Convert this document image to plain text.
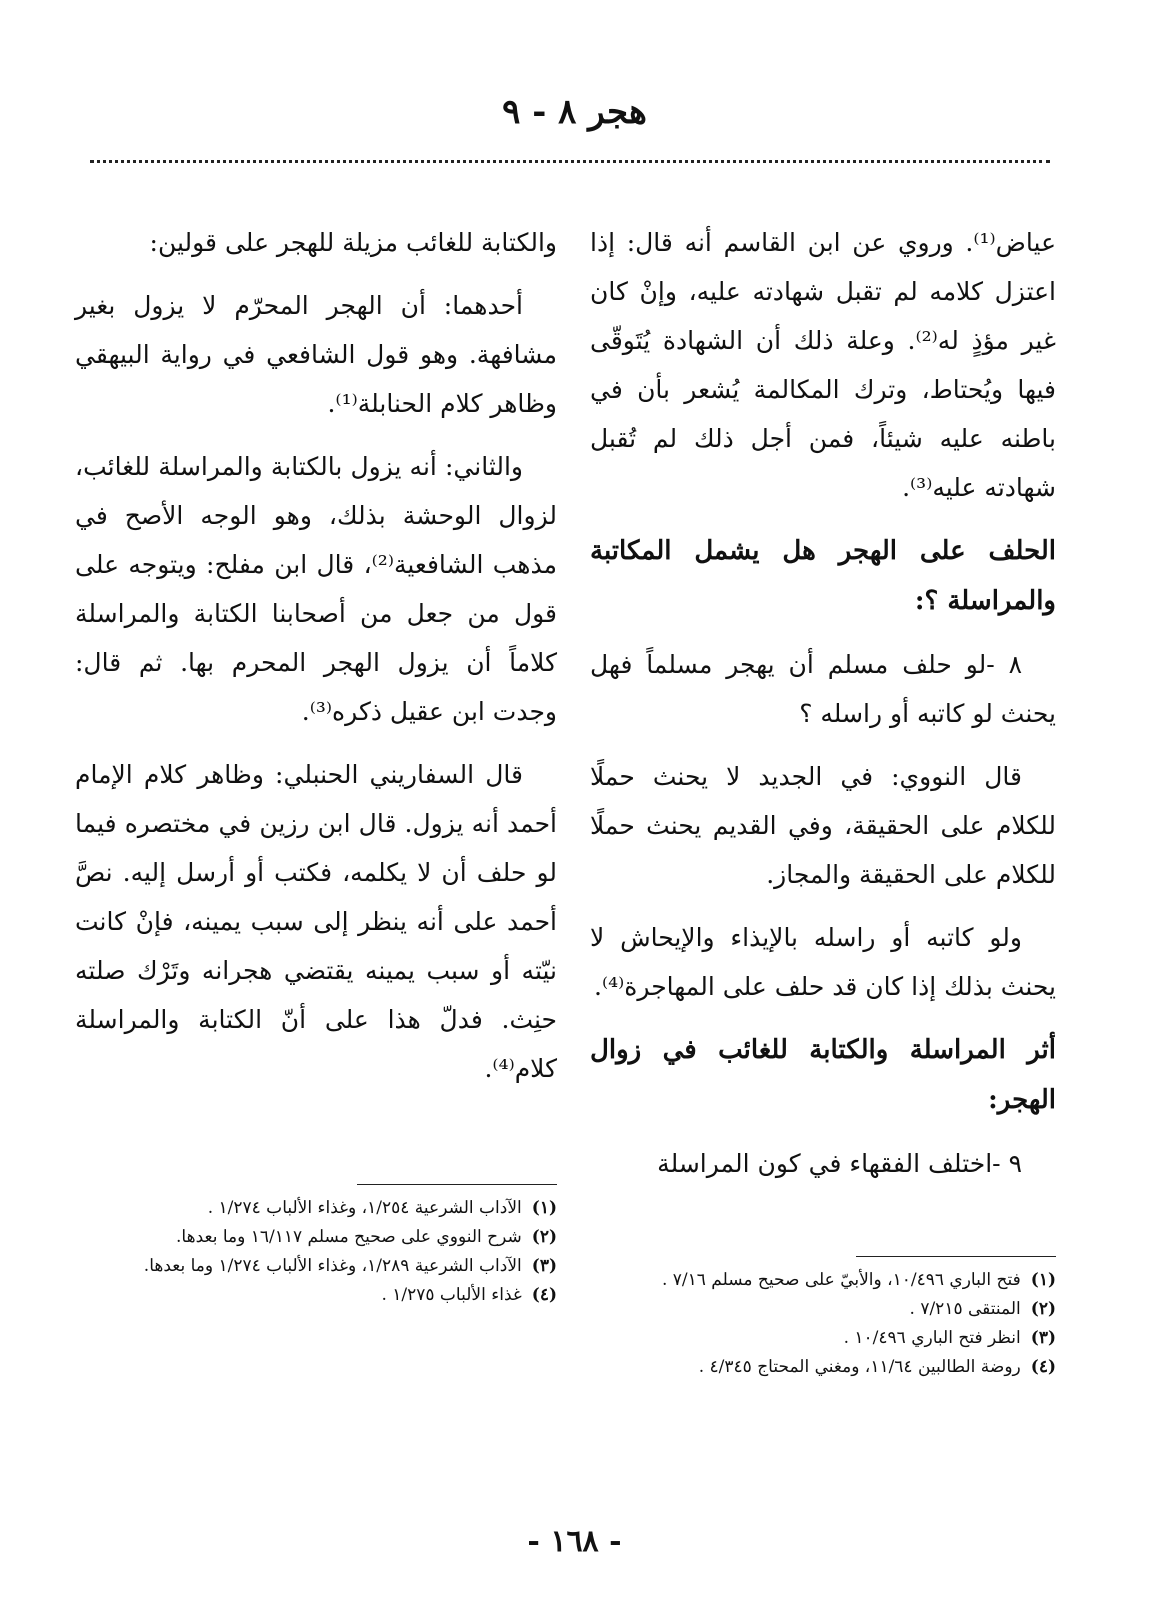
هجر ٨ - ٩

عياض⁽¹⁾. وروي عن ابن القاسم أنه قال: إذا اعتزل كلامه لم تقبل شهادته عليه، وإنْ كان غير مؤذٍ له⁽²⁾. وعلة ذلك أن الشهادة يُتَوقّى فيها ويُحتاط، وترك المكالمة يُشعر بأن في باطنه عليه شيئاً، فمن أجل ذلك لم تُقبل شهادته عليه⁽³⁾.

الحلف على الهجر هل يشمل المكاتبة والمراسلة ؟:

٨ -لو حلف مسلم أن يهجر مسلماً فهل يحنث لو كاتبه أو راسله ؟

قال النووي: في الجديد لا يحنث حملًا للكلام على الحقيقة، وفي القديم يحنث حملًا للكلام على الحقيقة والمجاز.

ولو كاتبه أو راسله بالإيذاء والإيحاش لا يحنث بذلك إذا كان قد حلف على المهاجرة⁽⁴⁾.

أثر المراسلة والكتابة للغائب في زوال الهجر:

٩ -اختلف الفقهاء في كون المراسلة

والكتابة للغائب مزيلة للهجر على قولين:

أحدهما: أن الهجر المحرّم لا يزول بغير مشافهة. وهو قول الشافعي في رواية البيهقي وظاهر كلام الحنابلة⁽¹⁾.

والثاني: أنه يزول بالكتابة والمراسلة للغائب، لزوال الوحشة بذلك، وهو الوجه الأصح في مذهب الشافعية⁽²⁾، قال ابن مفلح: ويتوجه على قول من جعل من أصحابنا الكتابة والمراسلة كلاماً أن يزول الهجر المحرم بها. ثم قال: وجدت ابن عقيل ذكره⁽³⁾.

قال السفاريني الحنبلي: وظاهر كلام الإمام أحمد أنه يزول. قال ابن رزين في مختصره فيما لو حلف أن لا يكلمه، فكتب أو أرسل إليه. نصَّ أحمد على أنه ينظر إلى سبب يمينه، فإنْ كانت نيّته أو سبب يمينه يقتضي هجرانه وتَرْك صلته حنِث. فدلّ هذا على أنّ الكتابة والمراسلة كلام⁽⁴⁾.

(١)
فتح الباري ١٠/٤٩٦، والأبيّ على صحيح مسلم ٧/١٦ .
(٢)
المنتقى ٧/٢١٥ .
(٣)
انظر فتح الباري ١٠/٤٩٦ .
(٤)
روضة الطالبين ١١/٦٤، ومغني المحتاج ٤/٣٤٥ .
(١)
الآداب الشرعية ١/٢٥٤، وغذاء الألباب ١/٢٧٤ .
(٢)
شرح النووي على صحيح مسلم ١٦/١١٧ وما بعدها.
(٣)
الآداب الشرعية ١/٢٨٩، وغذاء الألباب ١/٢٧٤ وما بعدها.
(٤)
غذاء الألباب ١/٢٧٥ .
- ١٦٨ -
